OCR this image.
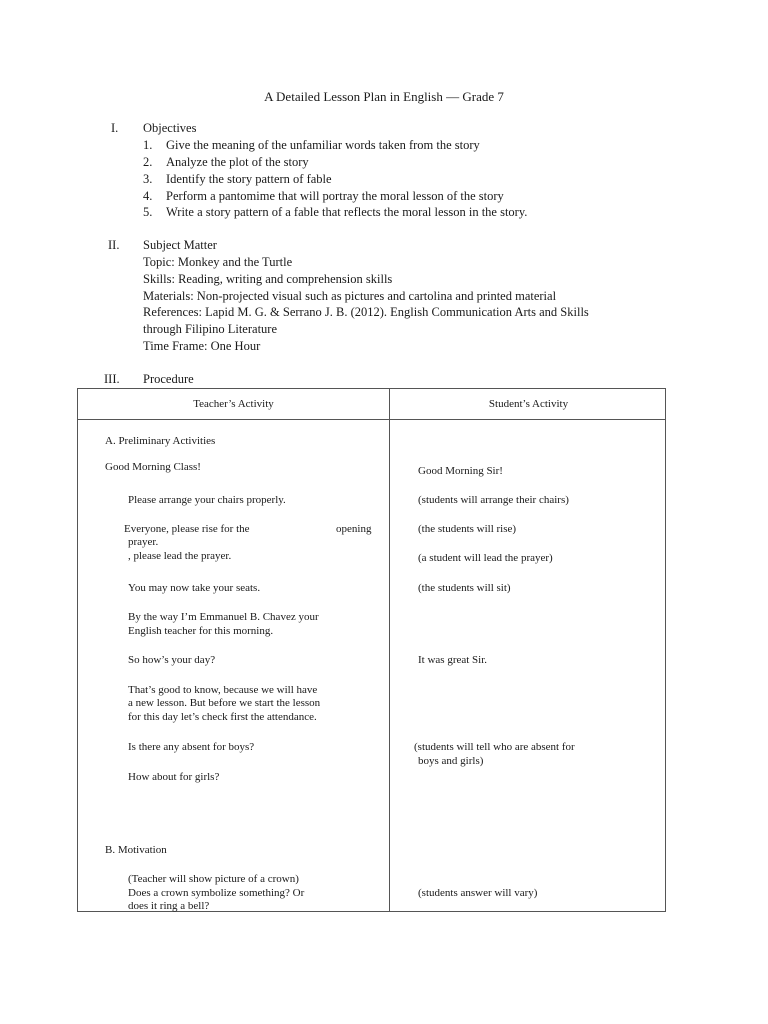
A Detailed Lesson Plan in English — Grade 7
I. Objectives
1. Give the meaning of the unfamiliar words taken from the story
2. Analyze the plot of the story
3. Identify the story pattern of fable
4. Perform a pantomime that will portray the moral lesson of the story
5. Write a story pattern of a fable that reflects the moral lesson in the story.
II. Subject Matter
Topic: Monkey and the Turtle
Skills: Reading, writing and comprehension skills
Materials: Non-projected visual such as pictures and cartolina and printed material
References: Lapid M. G. & Serrano J. B. (2012). English Communication Arts and Skills
through Filipino Literature
Time Frame: One Hour
III. Procedure
Teacher’s Activity	Student’s Activity
A. Preliminary Activities
Good Morning Class!
Please arrange your chairs properly.
Everyone, please rise for the	opening
prayer.
, please lead the prayer.
You may now take your seats.
By the way I’m Emmanuel B. Chavez your
English teacher for this morning.
So how’s your day?
That’s good to know, because we will have
a new lesson. But before we start the lesson
for this day let’s check first the attendance.
Is there any absent for boys?
How about for girls?
B. Motivation
(Teacher will show picture of a crown)
Does a crown symbolize something? Or
does it ring a bell?
Good Morning Sir!
(students will arrange their chairs)
(the students will rise)
(a student will lead the prayer)
(the students will sit)
It was great Sir.
(students will tell who are absent for
boys and girls)
(students answer will vary)
